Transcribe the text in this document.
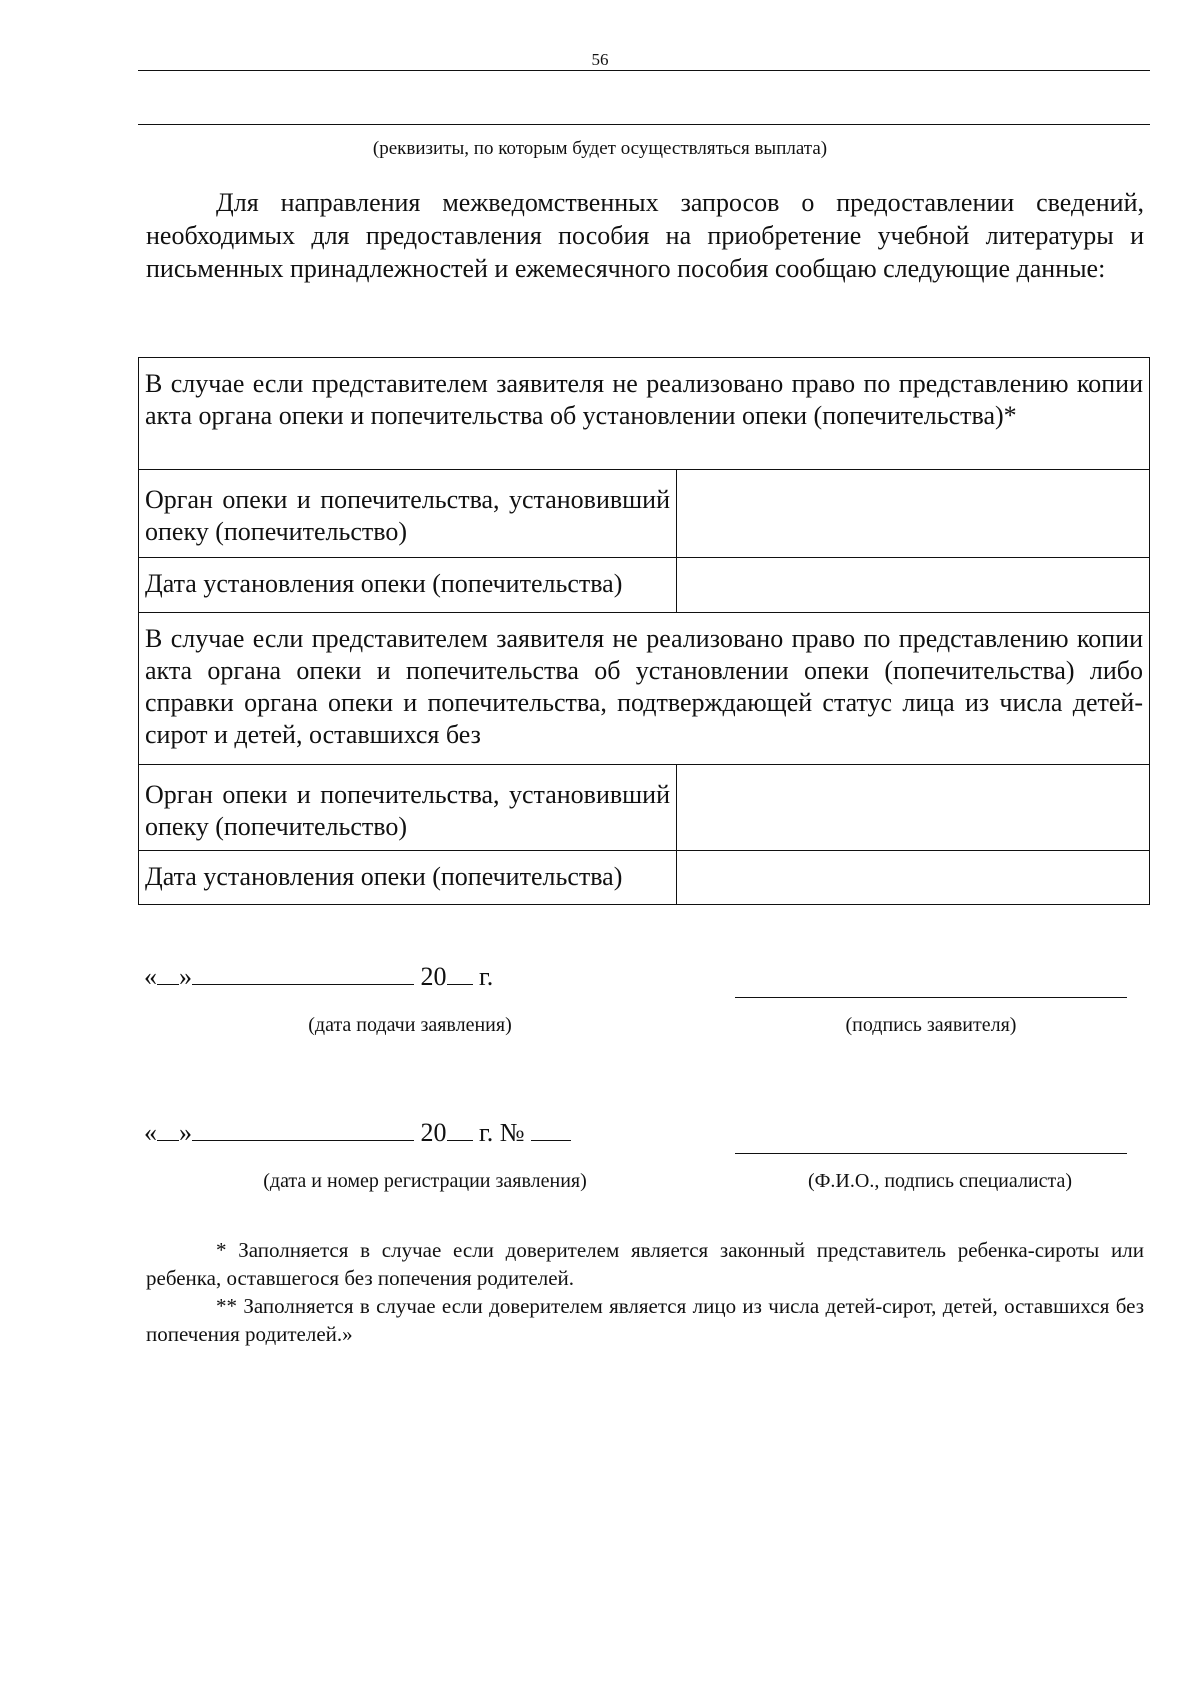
56
(реквизиты, по которым будет осуществляться выплата)

Для направления межведомственных запросов о предоставлении сведений, необходимых для предоставления пособия на приобретение учебной литературы и письменных принадлежностей и ежемесячного пособия сообщаю следующие данные:

В случае если представителем заявителя не реализовано право по представлению копии акта органа опеки и попечительства об установлении опеки (попечительства)*	
Орган опеки и попечительства, установивший опеку (попечительство)	
Дата установления опеки (попечительства)	

В случае если представителем заявителя не реализовано право по представлению копии акта органа опеки и попечительства об установлении опеки (попечительства) либо справки органа опеки и попечительства, подтверждающей статус лица из числа детей-сирот и детей, оставшихся без	

Орган опеки и попечительства, установивший опеку (попечительство)	
Дата установления опеки (попечительства)	
« »	20 г.
(дата подачи заявления)	(подпись заявителя)
« »	20 г. №
(дата и номер регистрации заявления)	(Ф.И.О., подпись специалиста)

* Заполняется в случае если доверителем является законный представитель ребенка-сироты или ребенка, оставшегося без попечения родителей.

** Заполняется в случае если доверителем является лицо из числа детей-сирот, детей, оставшихся без попечения родителей.»
